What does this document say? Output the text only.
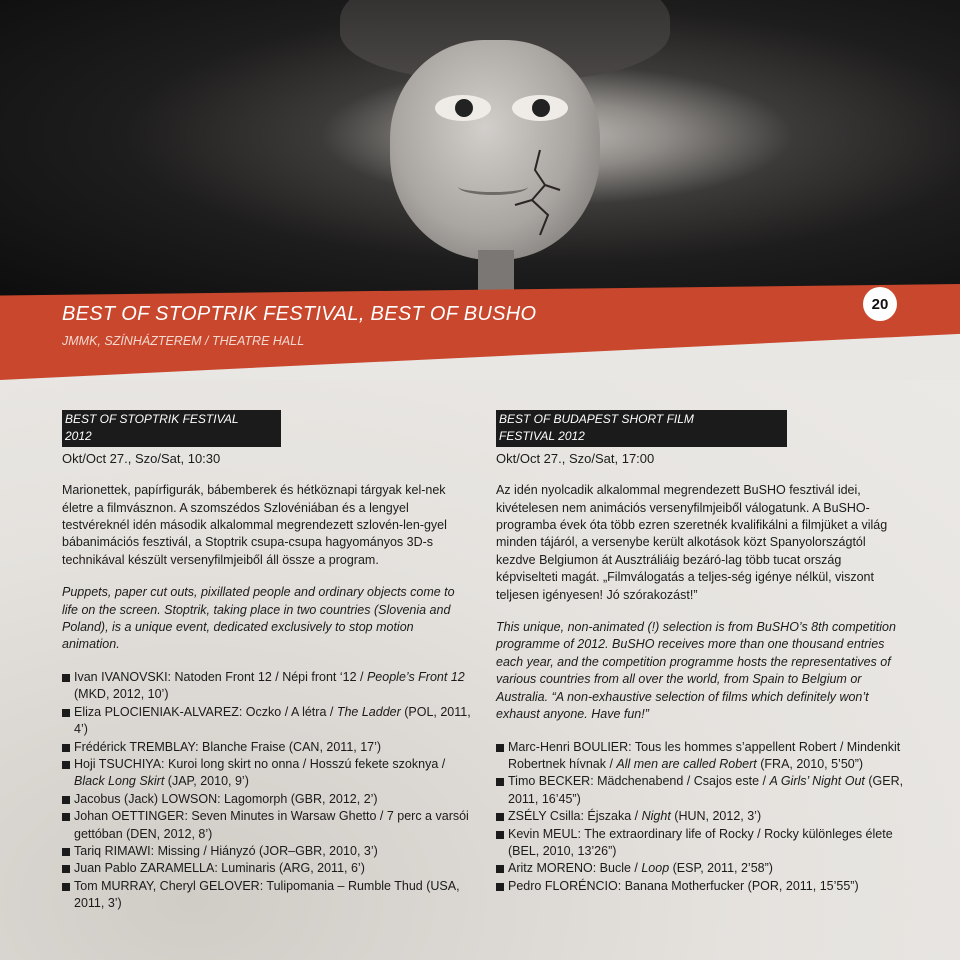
BEST OF STOPTRIK FESTIVAL, BEST OF BUSHO
JMMK, SZÍNHÁZTEREM / THEATRE HALL
20
BEST OF STOPTRIK FESTIVAL 2012
Okt/Oct 27., Szo/Sat, 10:30

Marionettek, papírfigurák, bábemberek és hétköznapi tárgyak kel-nek életre a filmvásznon. A szomszédos Szlovéniában és a lengyel testvéreknél idén második alkalommal megrendezett szlovén-len-gyel bábanimációs fesztivál, a Stoptrik csupa-csupa hagyományos 3D-s technikával készült versenyfilmjeiből áll össze a program.

Puppets, paper cut outs, pixillated people and ordinary objects come to life on the screen. Stoptrik, taking place in two countries (Slovenia and Poland), is a unique event, dedicated exclusively to stop motion animation.

Ivan IVANOVSKI: Natoden Front 12 / Népi front ‘12 / People’s Front 12 (MKD, 2012, 10’)
Eliza PLOCIENIAK-ALVAREZ: Oczko / A létra / The Ladder (POL, 2011, 4’)
Frédérick TREMBLAY: Blanche Fraise (CAN, 2011, 17’)
Hoji TSUCHIYA: Kuroi long skirt no onna / Hosszú fekete szoknya / Black Long Skirt (JAP, 2010, 9’)
Jacobus (Jack) LOWSON: Lagomorph (GBR, 2012, 2’)
Johan OETTINGER: Seven Minutes in Warsaw Ghetto / 7 perc a varsói gettóban (DEN, 2012, 8’)
Tariq RIMAWI: Missing / Hiányzó (JOR–GBR, 2010, 3’)
Juan Pablo ZARAMELLA: Luminaris (ARG, 2011, 6’)
Tom MURRAY, Cheryl GELOVER: Tulipomania – Rumble Thud (USA, 2011, 3’)
BEST OF BUDAPEST SHORT FILM FESTIVAL 2012
Okt/Oct 27., Szo/Sat, 17:00

Az idén nyolcadik alkalommal megrendezett BuSHO fesztivál idei, kivételesen nem animációs versenyfilmjeiből válogatunk. A BuSHO-programba évek óta több ezren szeretnék kvalifikálni a filmjüket a világ minden tájáról, a versenybe került alkotások közt Spanyolországtól kezdve Belgiumon át Ausztráliáig bezáró-lag több tucat ország képviselteti magát. „Filmválogatás a teljes-ség igénye nélkül, viszont teljesen igényesen! Jó szórakozást!”

This unique, non-animated (!) selection is from BuSHO’s 8th competition programme of 2012. BuSHO receives more than one thousand entries each year, and the competition programme hosts the representatives of various countries from all over the world, from Spain to Belgium or Australia. “A non-exhaustive selection of films which definitely won’t exhaust anyone. Have fun!”

Marc-Henri BOULIER: Tous les hommes s’appellent Robert / Mindenkit Robertnek hívnak / All men are called Robert (FRA, 2010, 5’50”)
Timo BECKER: Mädchenabend / Csajos este / A Girls’ Night Out (GER, 2011, 16’45”)
ZSÉLY Csilla: Éjszaka / Night (HUN, 2012, 3’)
Kevin MEUL: The extraordinary life of Rocky / Rocky különleges élete (BEL, 2010, 13’26”)
Aritz MORENO: Bucle / Loop (ESP, 2011, 2’58”)
Pedro FLORÉNCIO: Banana Motherfucker (POR, 2011, 15’55”)
